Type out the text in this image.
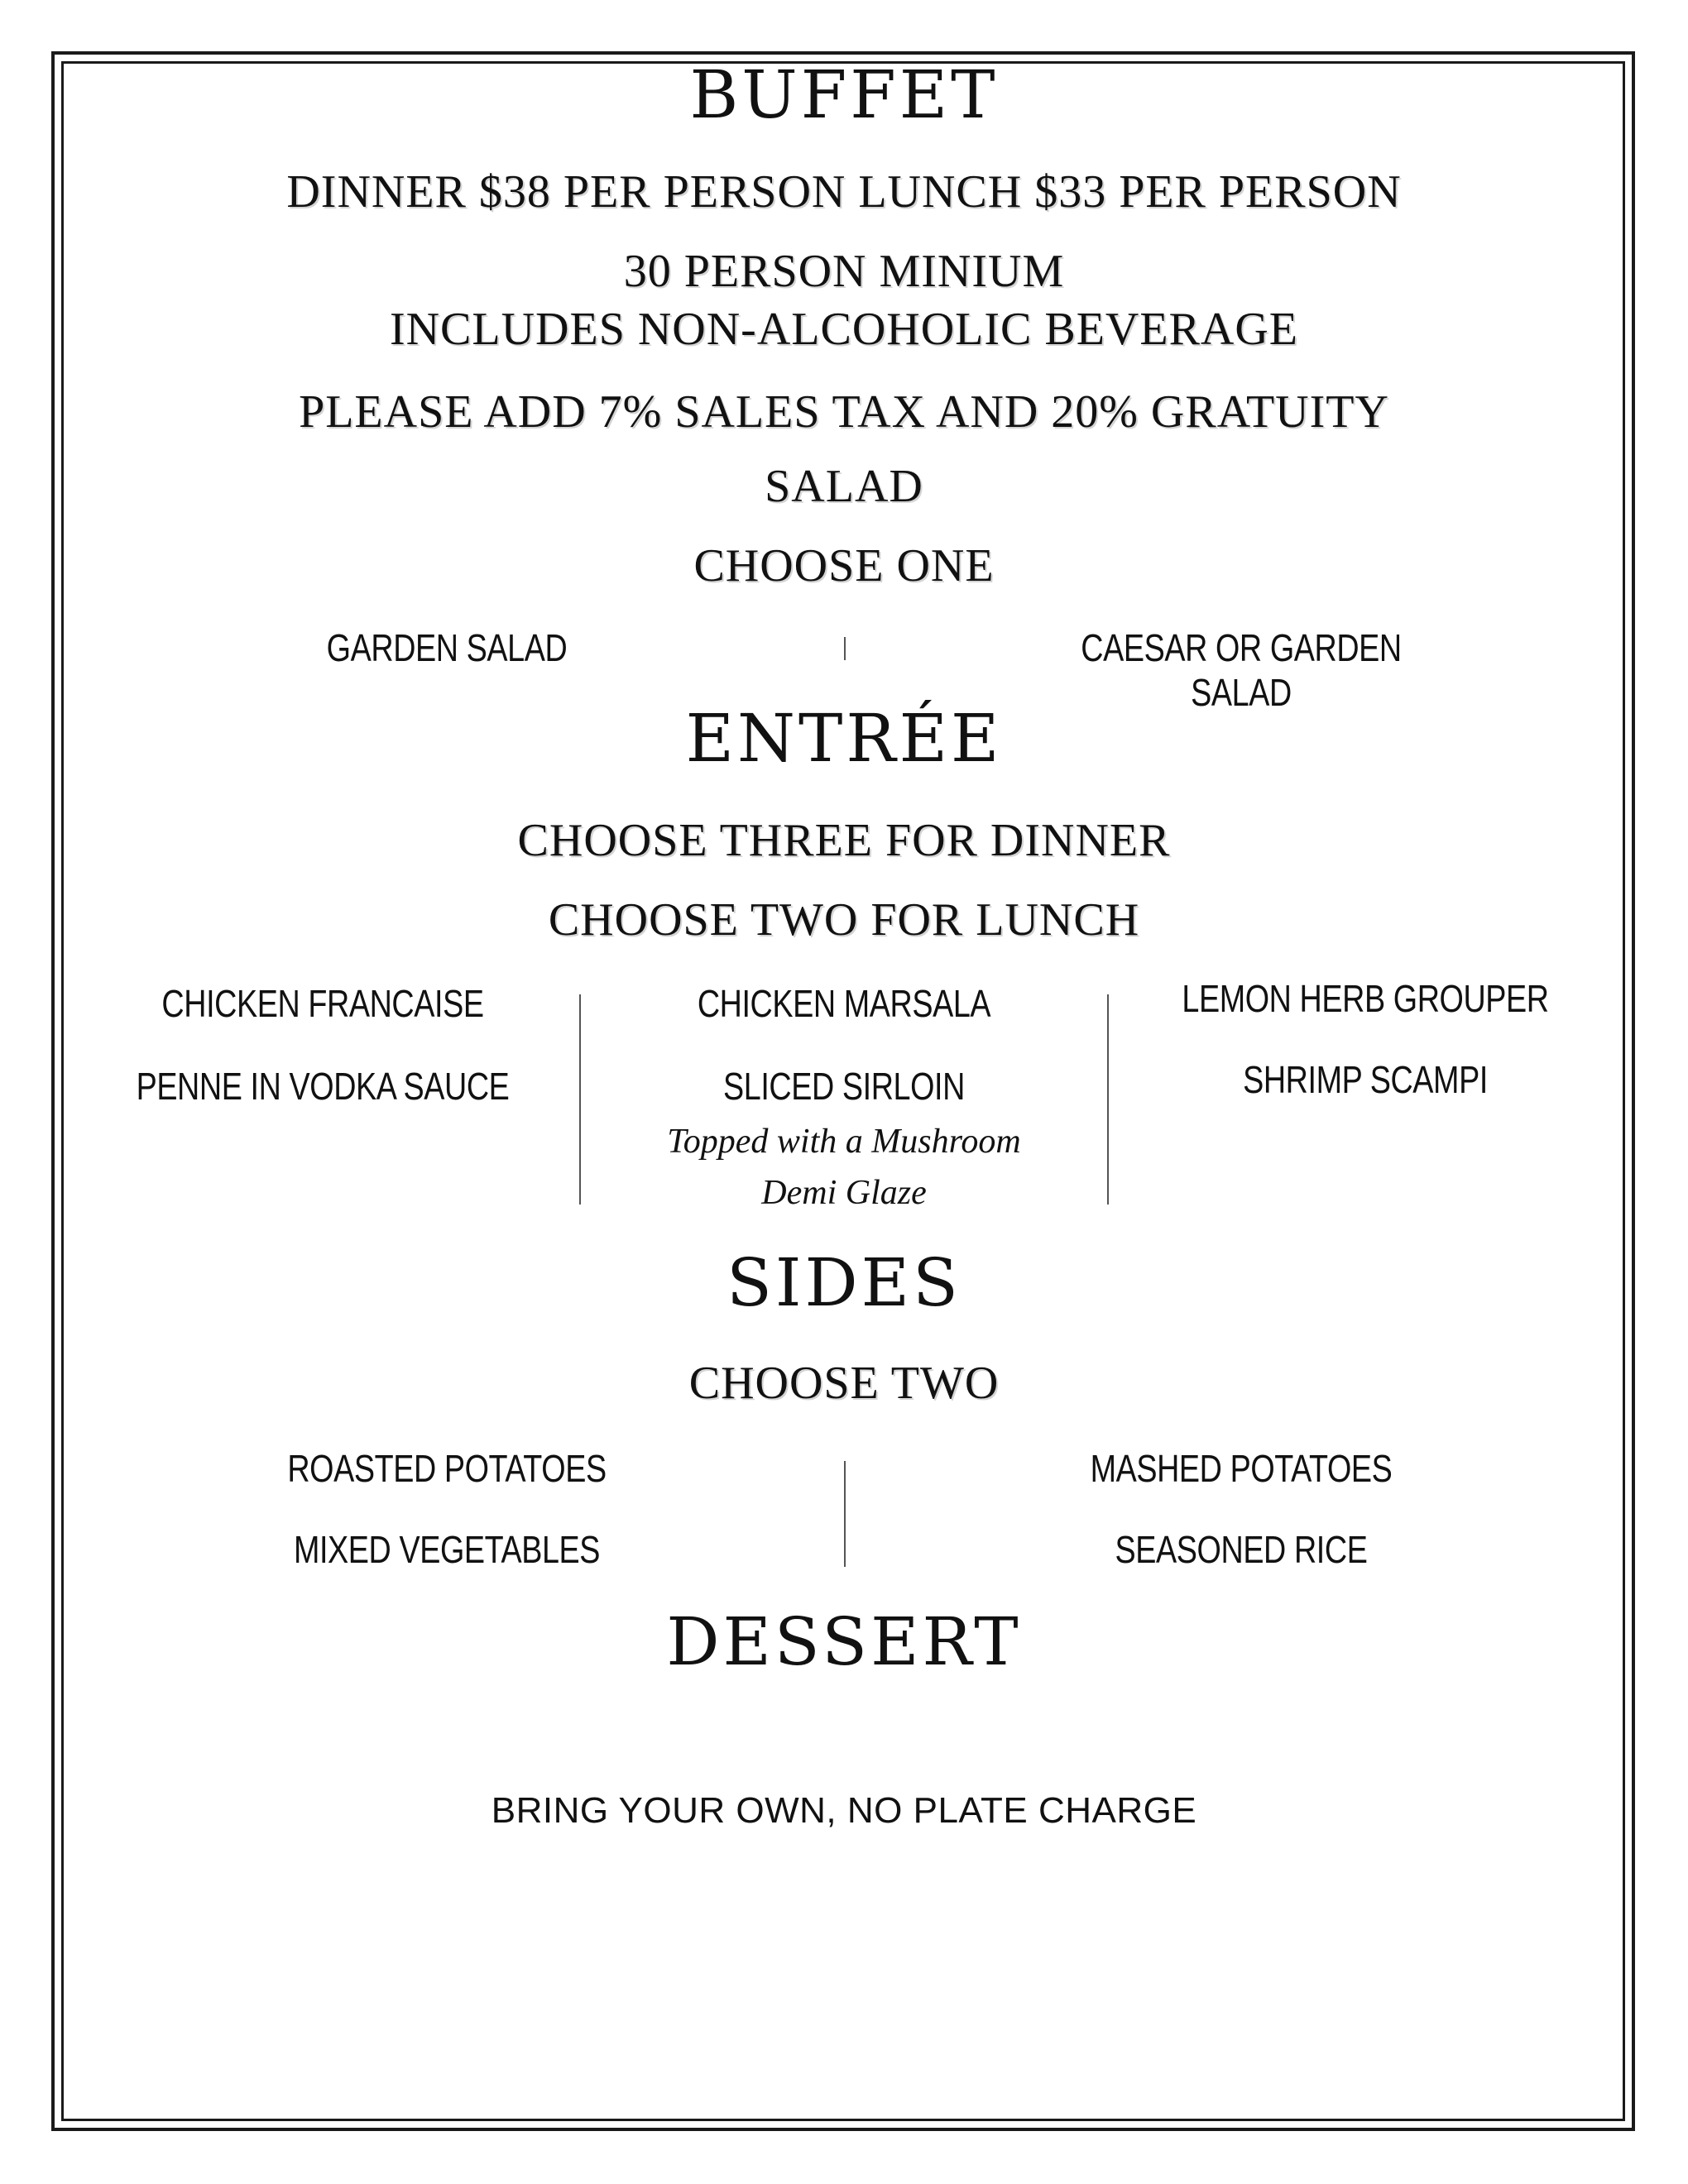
BUFFET
DINNER $38 PER PERSON LUNCH $33 PER PERSON
30 PERSON MINIUM
INCLUDES NON-ALCOHOLIC BEVERAGE
PLEASE ADD 7% SALES TAX AND 20% GRATUITY
SALAD
CHOOSE ONE
GARDEN SALAD	CAESAR OR GARDEN SALAD
ENTRÉE
CHOOSE THREE FOR DINNER
CHOOSE TWO FOR LUNCH
CHICKEN FRANCAISE
PENNE IN VODKA SAUCE
CHICKEN MARSALA
SLICED SIRLOIN
Topped with a Mushroom
Demi Glaze
LEMON HERB GROUPER
SHRIMP SCAMPI
SIDES
CHOOSE TWO
ROASTED POTATOES
MIXED VEGETABLES
MASHED POTATOES
SEASONED RICE
DESSERT
BRING YOUR OWN, NO PLATE CHARGE
